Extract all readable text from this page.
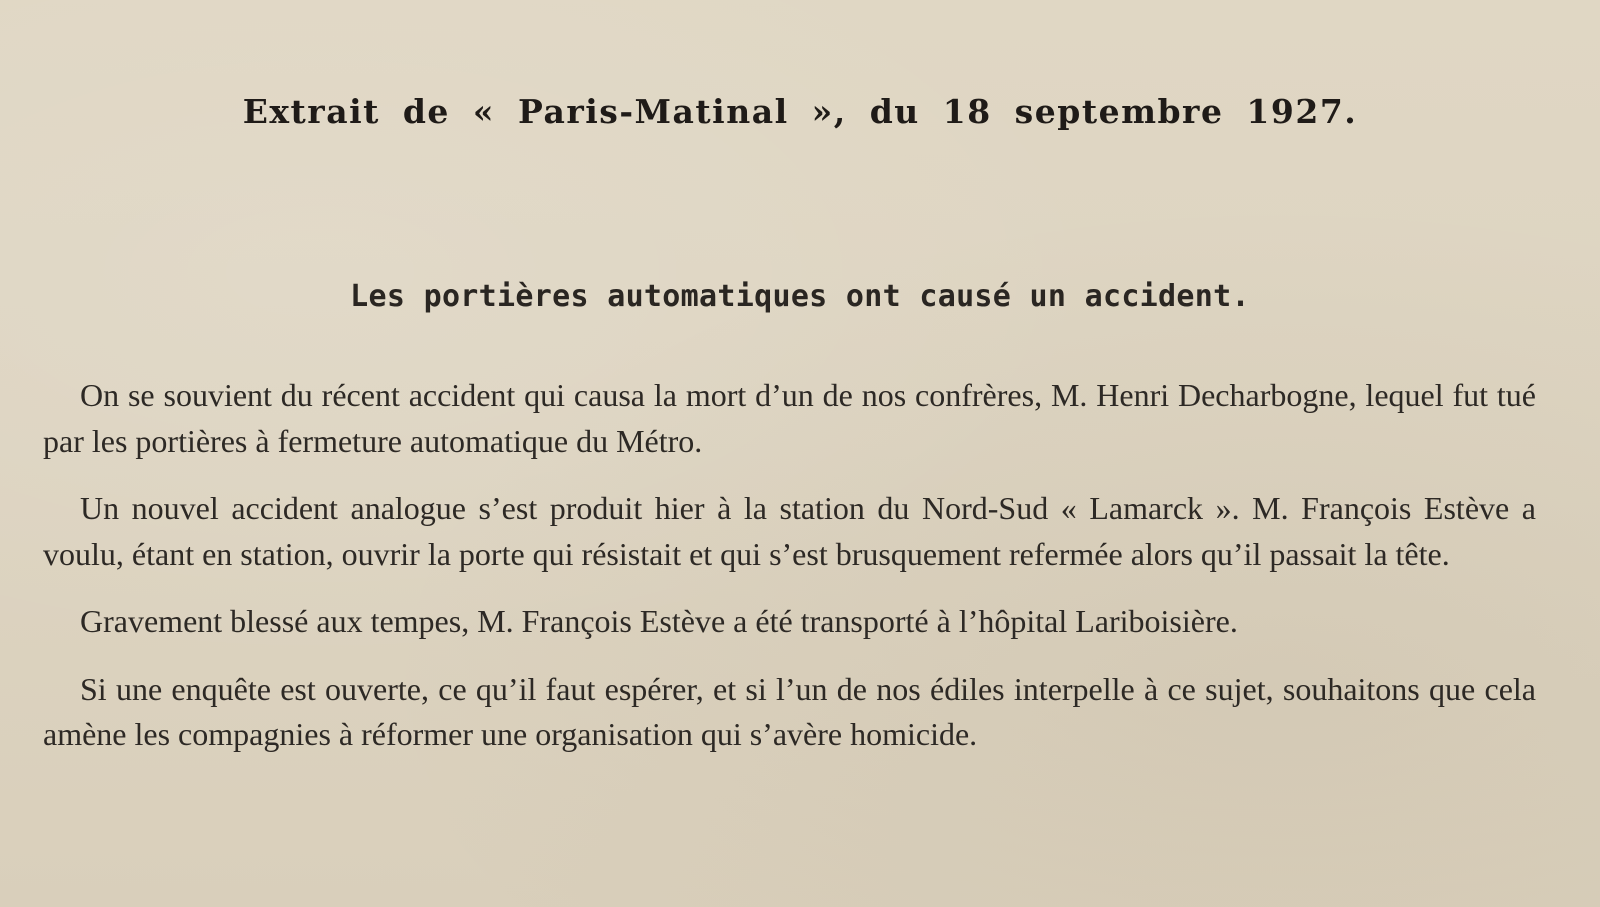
Extrait de « Paris-Matinal », du 18 septembre 1927.
Les portières automatiques ont causé un accident.

On se souvient du récent accident qui causa la mort d’un de nos confrères, M. Henri Decharbogne, lequel fut tué par les portières à fermeture automatique du Métro.

Un nouvel accident analogue s’est produit hier à la station du Nord-Sud « Lamarck ». M. François Estève a voulu, étant en station, ouvrir la porte qui résistait et qui s’est brusquement refermée alors qu’il passait la tête.

Gravement blessé aux tempes, M. François Estève a été transporté à l’hôpital Lariboisière.

Si une enquête est ouverte, ce qu’il faut espérer, et si l’un de nos édiles interpelle à ce sujet, souhaitons que cela amène les compagnies à réformer une organisation qui s’avère homicide.
